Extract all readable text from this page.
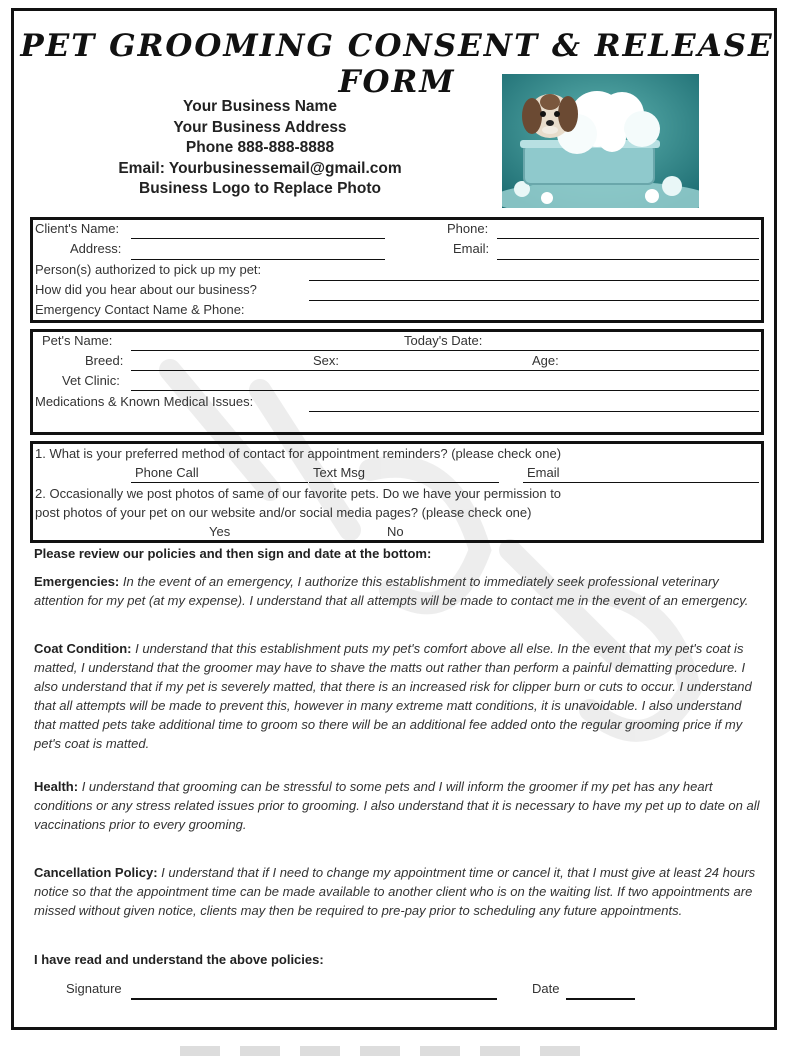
PET GROOMING CONSENT & RELEASE FORM
Your Business Name
Your Business Address
Phone 888-888-8888
Email: Yourbusinessemail@gmail.com
Business Logo to Replace Photo
Client's Name:	Phone:
Address:	Email:
Person(s) authorized to pick up my pet:
How did you hear about our business?
Emergency Contact Name & Phone:
Pet's Name:	Today's Date:
Breed:	Sex:	Age:
Vet Clinic:
Medications & Known Medical Issues:
1. What is your preferred method of contact for appointment reminders? (please check one)
Phone Call	Text Msg	Email
2. Occasionally we post photos of same of our favorite pets. Do we have your permission to
post photos of your pet on our website and/or social media pages? (please check one)
Yes	No
Please review our policies and then sign and date at the bottom:
Emergencies: In the event of an emergency, I authorize this establishment to immediately seek professional veterinary attention for my pet (at my expense). I understand that all attempts will be made to contact me in the event of an emergency.
Coat Condition: I understand that this establishment puts my pet's comfort above all else. In the event that my pet's coat is matted, I understand that the groomer may have to shave the matts out rather than perform a painful dematting procedure. I also understand that if my pet is severely matted, that there is an increased risk for clipper burn or cuts to occur. I understand that all attempts will be made to prevent this, however in many extreme matt conditions, it is unavoidable. I also understand that matted pets take additional time to groom so there will be an additional fee added onto the regular grooming price if my pet's coat is matted.
Health: I understand that grooming can be stressful to some pets and I will inform the groomer if my pet has any heart conditions or any stress related issues prior to grooming. I also understand that it is necessary to have my pet up to date on all vaccinations prior to every grooming.
Cancellation Policy: I understand that if I need to change my appointment time or cancel it, that I must give at least 24 hours notice so that the appointment time can be made available to another client who is on the waiting list. If two appointments are missed without given notice, clients may then be required to pre-pay prior to scheduling any future appointments.
I have read and understand the above policies:
Signature	Date
